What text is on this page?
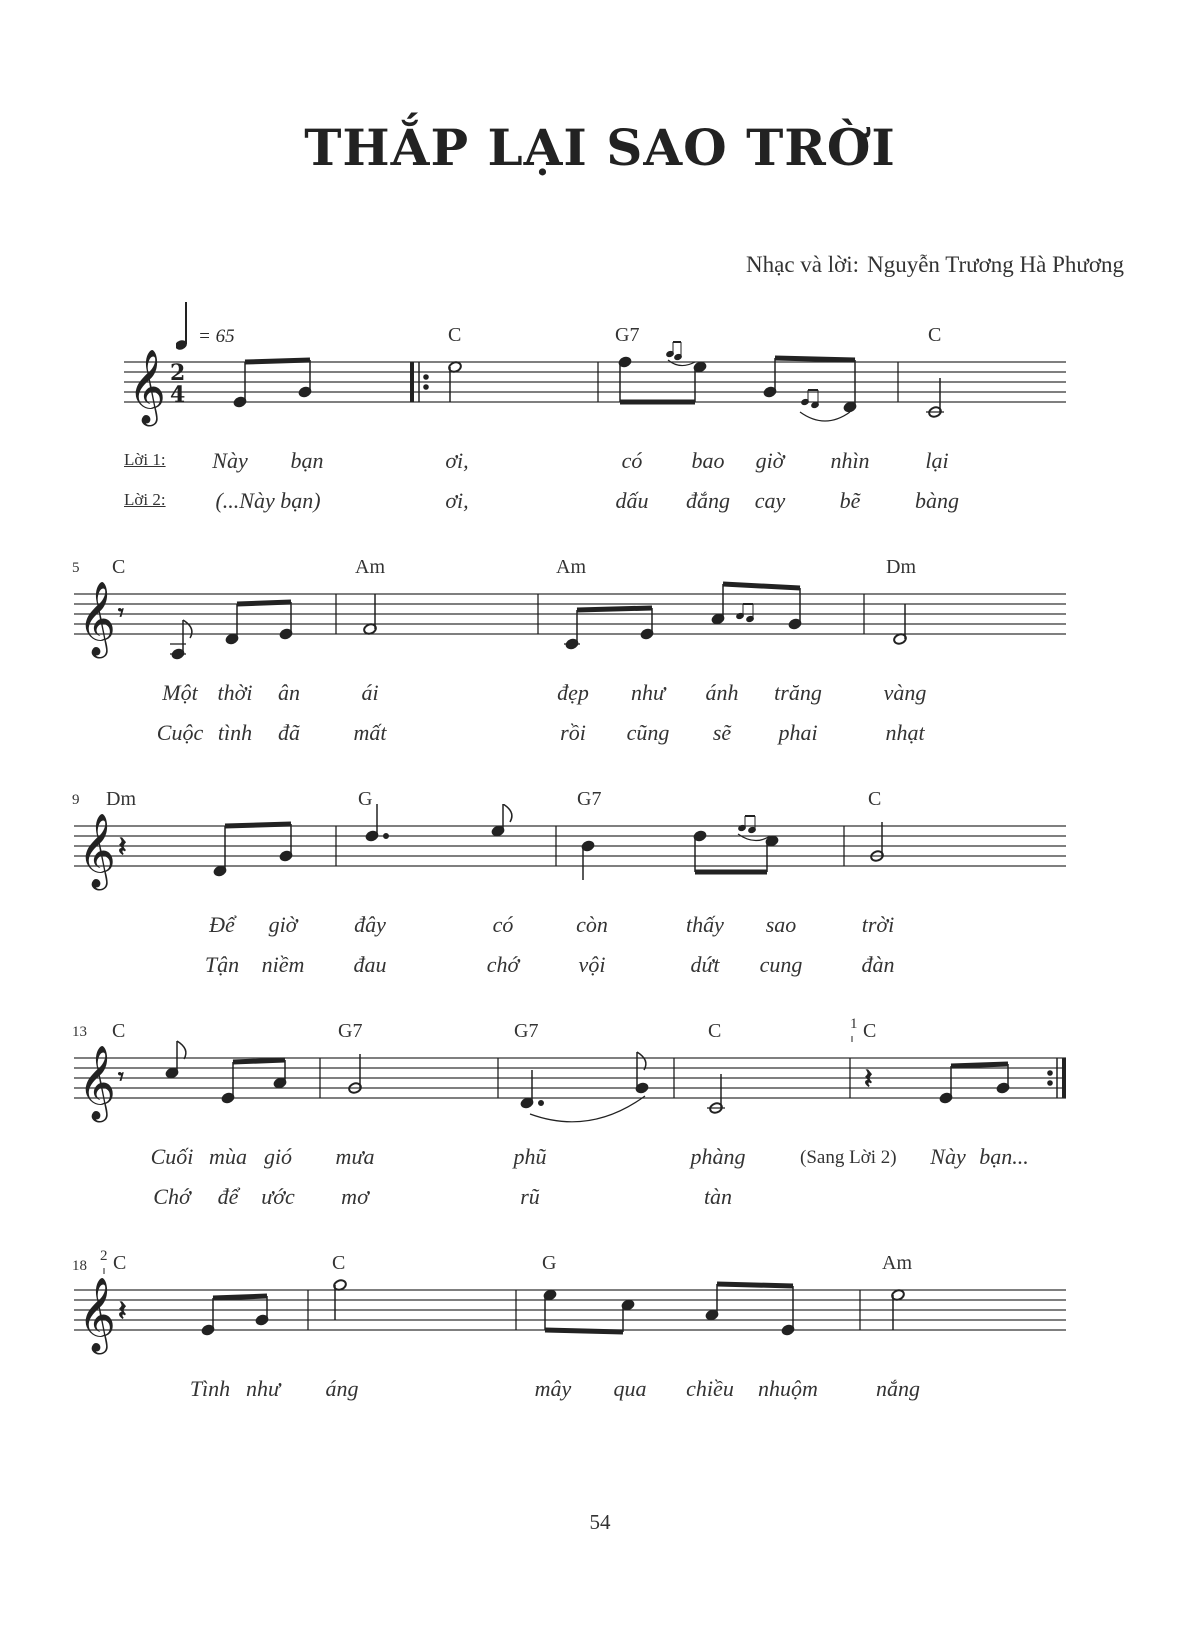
THẮP LẠI SAO TRỜI
Nhạc và lời: Nguyễn Trương Hà Phương
= 65
𝄞 2
4
C	G7	C
Lời 1:
Lời 2:
Này bạn	ơi,	có bao giờ nhìn	lại
(...Này bạn)	ơi,	dấu đắng cay bẽ bàng
𝄞 𝄾
5 C	Am	Am	Dm
Một thời ân	ái	đẹp như ánh trăng	vàng
Cuộc tình đã mất	rồi cũng sẽ phai	nhạt
𝄞 𝄽
9 Dm	G	G7	C
Để giờ	đây	có	còn	thấy sao	trời
Tận niềm đau	chớ	vội	dứt cung	đàn
𝄞 𝄾	𝄽
13 C	G7	G7	C	1 C
Cuối mùa gió mưa	phũ	phàng	(Sang Lời 2) Này bạn...
Chớ để ước mơ	rũ	tàn
𝄞 𝄽
18
2 C	C	G	Am
Tình như áng	mây qua chiều nhuộm	nắng
54
